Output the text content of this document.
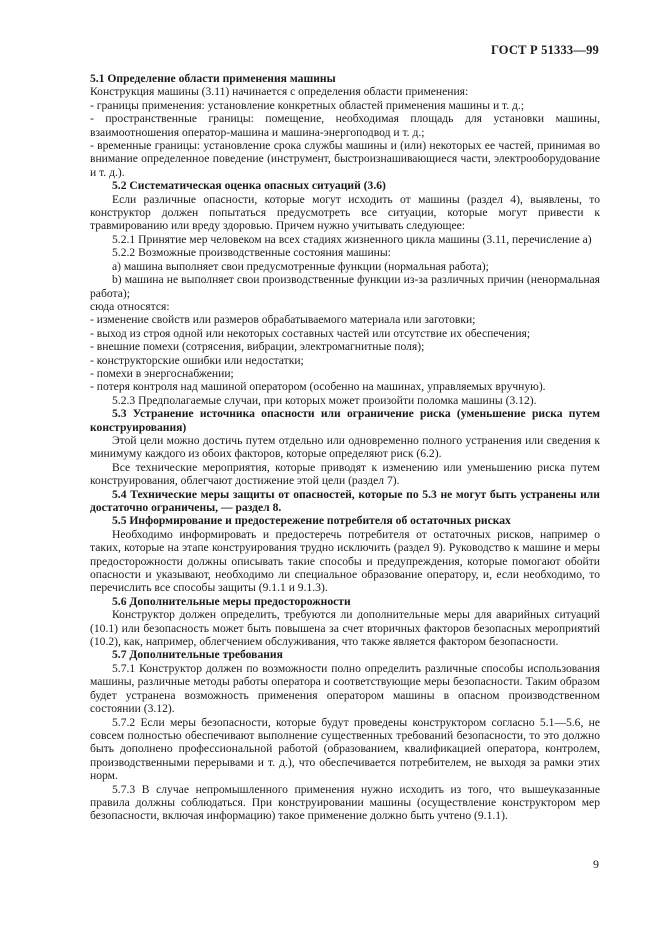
ГОСТ Р 51333—99

5.1 Определение области применения машины

Конструкция машины (3.11) начинается с определения области применения:

- границы применения: установление конкретных областей применения машины и т. д.;

- пространственные границы: помещение, необходимая площадь для установки машины, взаимоотношения оператор-машина и машина-энергоподвод и т. д.;

- временные границы: установление срока службы машины и (или) некоторых ее частей, принимая во внимание определенное поведение (инструмент, быстроизнашивающиеся части, электрооборудование и т. д.).

5.2 Систематическая оценка опасных ситуаций (3.6)

Если различные опасности, которые могут исходить от машины (раздел 4), выявлены, то конструктор должен попытаться предусмотреть все ситуации, которые могут привести к травмированию или вреду здоровью. Причем нужно учитывать следующее:

5.2.1 Принятие мер человеком на всех стадиях жизненного цикла машины (3.11, перечисление а)

5.2.2 Возможные производственные состояния машины:

а) машина выполняет свои предусмотренные функции (нормальная работа);

b) машина не выполняет свои производственные функции из-за различных причин (ненормальная работа);

сюда относятся:

- изменение свойств или размеров обрабатываемого материала или заготовки;

- выход из строя одной или некоторых составных частей или отсутствие их обеспечения;

- внешние помехи (сотрясения, вибрации, электромагнитные поля);

- конструкторские ошибки или недостатки;

- помехи в энергоснабжении;

- потеря контроля над машиной оператором (особенно на машинах, управляемых вручную).

5.2.3 Предполагаемые случаи, при которых может произойти поломка машины (3.12).

5.3 Устранение источника опасности или ограничение риска (уменьшение риска путем конструирования)

Этой цели можно достичь путем отдельно или одновременно полного устранения или сведения к минимуму каждого из обоих факторов, которые определяют риск (6.2).

Все технические мероприятия, которые приводят к изменению или уменьшению риска путем конструирования, облегчают достижение этой цели (раздел 7).

5.4 Технические меры защиты от опасностей, которые по 5.3 не могут быть устранены или достаточно ограничены, — раздел 8.

5.5 Информирование и предостережение потребителя об остаточных рисках

Необходимо информировать и предостеречь потребителя от остаточных рисков, например о таких, которые на этапе конструирования трудно исключить (раздел 9). Руководство к машине и меры предосторожности должны описывать такие способы и предупреждения, которые помогают обойти опасности и указывают, необходимо ли специальное образование оператору, и, если необходимо, то перечислить все способы защиты (9.1.1 и 9.1.3).

5.6 Дополнительные меры предосторожности

Конструктор должен определить, требуются ли дополнительные меры для аварийных ситуаций (10.1) или безопасность может быть повышена за счет вторичных факторов безопасных мероприятий (10.2), как, например, облегчением обслуживания, что также является фактором безопасности.

5.7 Дополнительные требования

5.7.1 Конструктор должен по возможности полно определить различные способы использования машины, различные методы работы оператора и соответствующие меры безопасности. Таким образом будет устранена возможность применения оператором машины в опасном производственном состоянии (3.12).

5.7.2 Если меры безопасности, которые будут проведены конструктором согласно 5.1—5.6, не совсем полностью обеспечивают выполнение существенных требований безопасности, то это должно быть дополнено профессиональной работой (образованием, квалификацией оператора, контролем, производственными перерывами и т. д.), что обеспечивается потребителем, не выходя за рамки этих норм.

5.7.3 В случае непромышленного применения нужно исходить из того, что вышеуказанные правила должны соблюдаться. При конструировании машины (осуществление конструктором мер безопасности, включая информацию) такое применение должно быть учтено (9.1.1).

9
